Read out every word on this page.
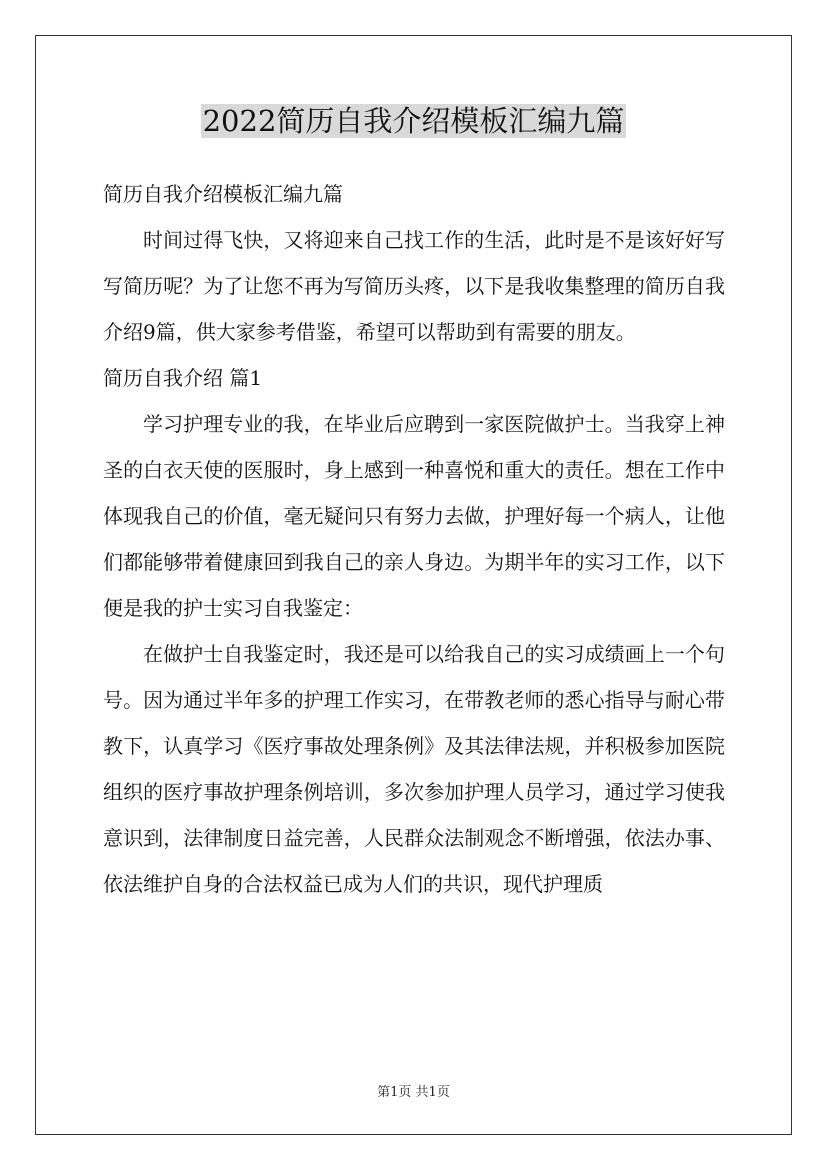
2022简历自我介绍模板汇编九篇

简历自我介绍模板汇编九篇

时间过得飞快，又将迎来自己找工作的生活，此时是不是该好好写写简历呢？为了让您不再为写简历头疼，以下是我收集整理的简历自我介绍9篇，供大家参考借鉴，希望可以帮助到有需要的朋友。

简历自我介绍 篇1

学习护理专业的我，在毕业后应聘到一家医院做护士。当我穿上神圣的白衣天使的医服时，身上感到一种喜悦和重大的责任。想在工作中体现我自己的价值，毫无疑问只有努力去做，护理好每一个病人，让他们都能够带着健康回到我自己的亲人身边。为期半年的实习工作，以下便是我的护士实习自我鉴定：

在做护士自我鉴定时，我还是可以给我自己的实习成绩画上一个句号。因为通过半年多的护理工作实习，在带教老师的悉心指导与耐心带教下，认真学习《医疗事故处理条例》及其法律法规，并积极参加医院组织的医疗事故护理条例培训，多次参加护理人员学习，通过学习使我意识到，法律制度日益完善，人民群众法制观念不断增强，依法办事、依法维护自身的合法权益已成为人们的共识，现代护理质

第1页 共1页
